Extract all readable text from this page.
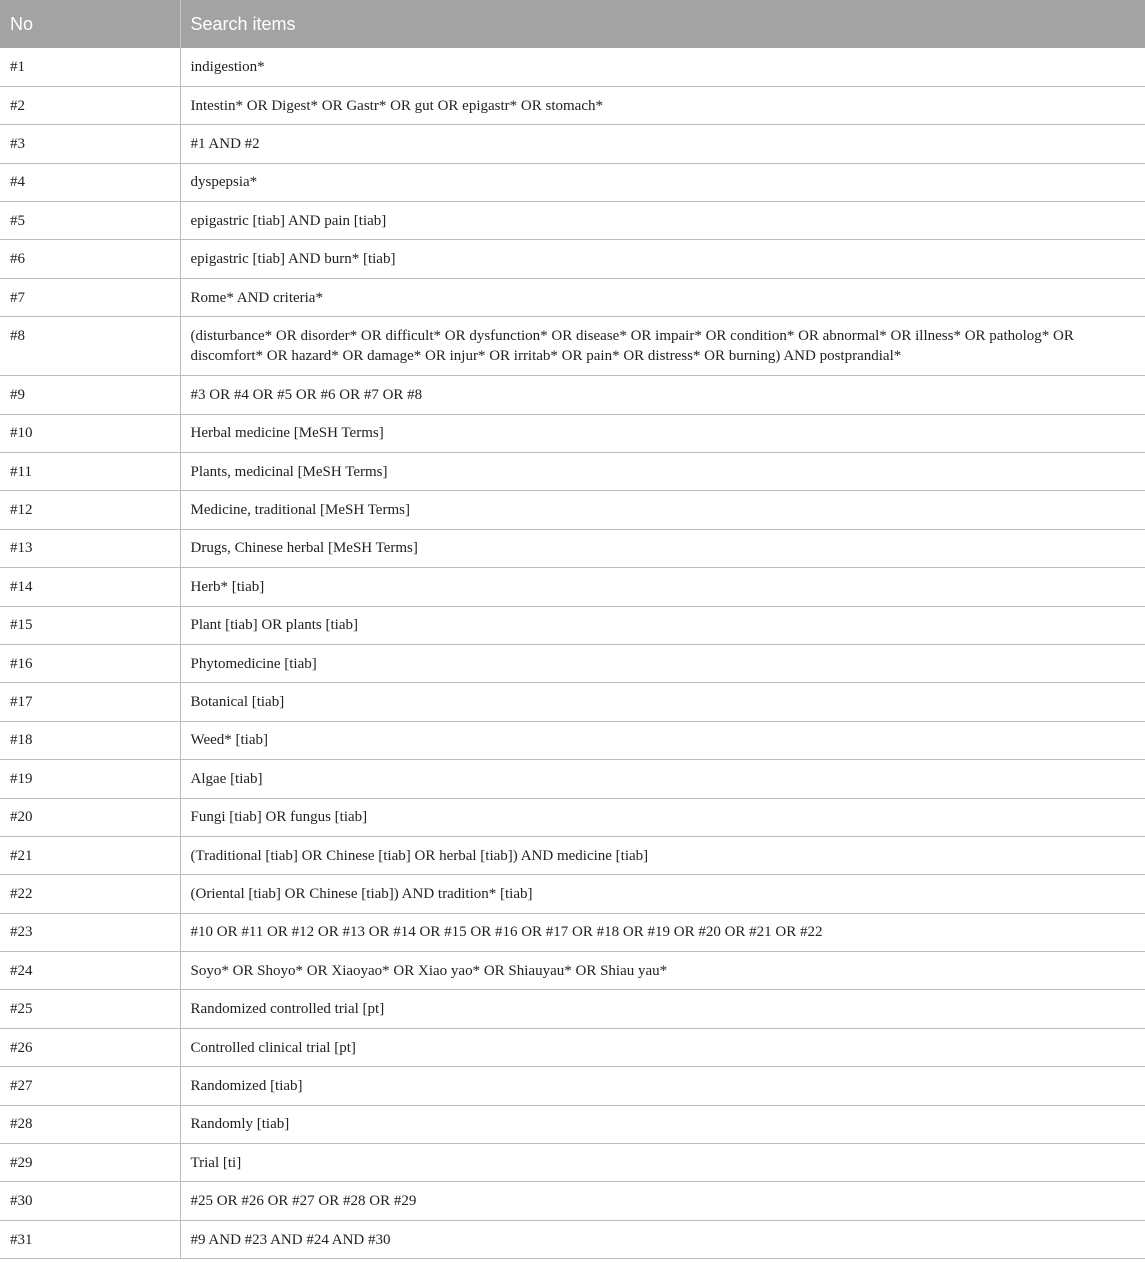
No	Search items
#1	indigestion*
#2	Intestin* OR Digest* OR Gastr* OR gut OR epigastr* OR stomach*
#3	#1 AND #2
#4	dyspepsia*
#5	epigastric [tiab] AND pain [tiab]
#6	epigastric [tiab] AND burn* [tiab]
#7	Rome* AND criteria*
#8	(disturbance* OR disorder* OR difficult* OR dysfunction* OR disease* OR impair* OR condition* OR abnormal* OR illness* OR patholog* OR discomfort* OR hazard* OR damage* OR injur* OR irritab* OR pain* OR distress* OR burning) AND postprandial*
#9	#3 OR #4 OR #5 OR #6 OR #7 OR #8
#10	Herbal medicine [MeSH Terms]
#11	Plants, medicinal [MeSH Terms]
#12	Medicine, traditional [MeSH Terms]
#13	Drugs, Chinese herbal [MeSH Terms]
#14	Herb* [tiab]
#15	Plant [tiab] OR plants [tiab]
#16	Phytomedicine [tiab]
#17	Botanical [tiab]
#18	Weed* [tiab]
#19	Algae [tiab]
#20	Fungi [tiab] OR fungus [tiab]
#21	(Traditional [tiab] OR Chinese [tiab] OR herbal [tiab]) AND medicine [tiab]
#22	(Oriental [tiab] OR Chinese [tiab]) AND tradition* [tiab]
#23	#10 OR #11 OR #12 OR #13 OR #14 OR #15 OR #16 OR #17 OR #18 OR #19 OR #20 OR #21 OR #22
#24	Soyo* OR Shoyo* OR Xiaoyao* OR Xiao yao* OR Shiauyau* OR Shiau yau*
#25	Randomized controlled trial [pt]
#26	Controlled clinical trial [pt]
#27	Randomized [tiab]
#28	Randomly [tiab]
#29	Trial [ti]
#30	#25 OR #26 OR #27 OR #28 OR #29
#31	#9 AND #23 AND #24 AND #30
